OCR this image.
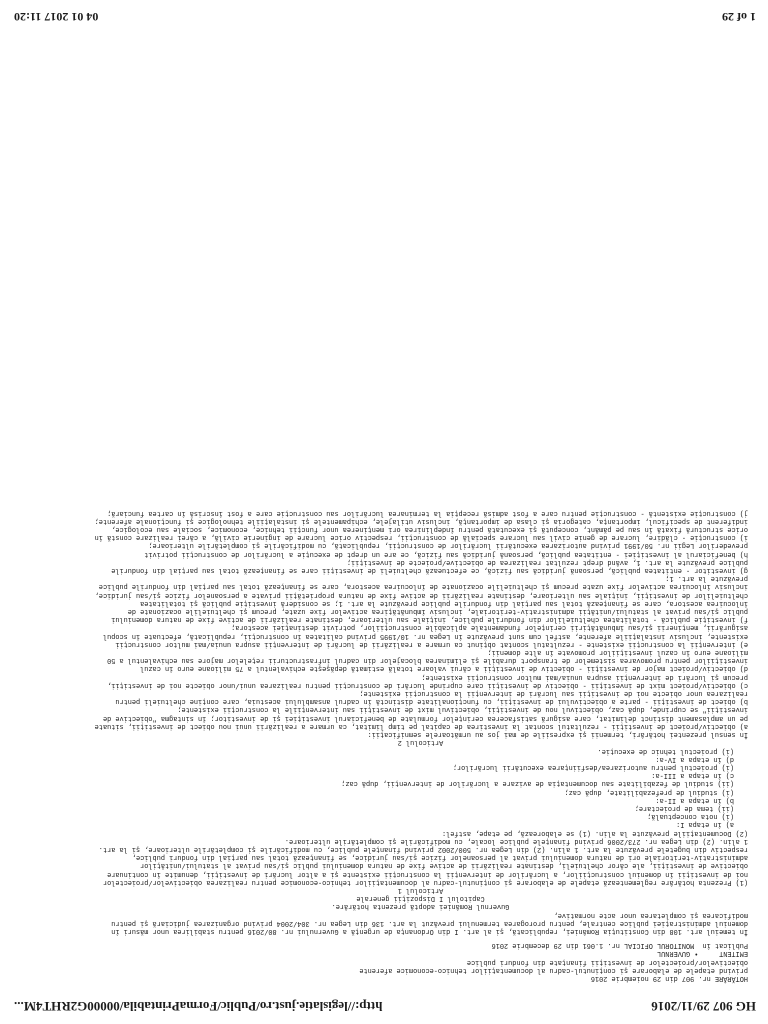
HG 907 29/11/2016
http://legislatie.just.ro/Public/FormaPrintabila/00000G2RHT4M...

HOTĂRÂRE nr. 907 din 29 noiembrie 2016

privind etapele de elaborare şi conţinutul-cadru al documentaţiilor tehnico-economice aferente

obiectivelor/proiectelor de investiţii finanţate din fonduri publice

EMITENT     • GUVERNUL

Publicat în  MONITORUL OFICIAL nr. 1.061 din 29 decembrie 2016

În temeiul art. 108 din Constituţia României, republicată, şi al art. I din Ordonanţa de urgenţă a Guvernului nr. 80/2016 pentru stabilirea unor măsuri în domeniul administraţiei publice centrale, pentru prorogarea termenului prevăzut la art. 136 din Legea nr. 304/2004 privind organizarea judiciară şi pentru modificarea şi completarea unor acte normative,

Guvernul României adoptă prezenta hotărâre.

Capitolul I Dispoziţii generale

Articolul 1

(1) Prezenta hotărâre reglementează etapele de elaborare şi conţinutul-cadru al documentaţiilor tehnico-economice pentru realizarea obiectivelor/proiectelor noi de investiţii în domeniul construcţiilor, a lucrărilor de intervenţii la construcţii existente şi a altor lucrări de investiţii, denumite în continuare obiective de investiţii, ale căror cheltuieli, destinate realizării de active fixe de natura domeniului public şi/sau privat al statului/unităţilor administrativ-teritoriale ori de natura domeniului privat al persoanelor fizice şi/sau juridice, se finanţează total sau parţial din fonduri publice, respectiv din bugetele prevăzute la art. 1 alin. (2) din Legea nr. 500/2002 privind finanţele publice, cu modificările şi completările ulterioare, şi la art. 1 alin. (2) din Legea nr. 273/2006 privind finanţele publice locale, cu modificările şi completările ulterioare.

(2) Documentaţiile prevăzute la alin. (1) se elaborează, pe etape, astfel:

a) în etapa I:

(i) nota conceptuală;

(ii) tema de proiectare;

b) în etapa a II-a:

(i) studiul de prefezabilitate, după caz;

(ii) studiul de fezabilitate sau documentaţia de avizare a lucrărilor de intervenţii, după caz;

c) în etapa a III-a:

(i) proiectul pentru autorizarea/desfiinţarea executării lucrărilor;

d) în etapa a IV-a:

(i) proiectul tehnic de execuţie.

Articolul 2

În sensul prezentei hotărâri, termenii şi expresiile de mai jos au următoarele semnificaţii:

a) obiectiv/proiect de investiţii - rezultatul scontat la investirea de capital pe timp limitat, ca urmare a realizării unui nou obiect de investiţii, situate pe un amplasament distinct delimitat, care asigură satisfacerea cerinţelor formulate de beneficiarul investiţiei şi de investitor; în sintagma "obiective de investiţii" se cuprinde, după caz, obiectivul nou de investiţii, obiectivul mixt de investiţii sau intervenţiile la construcţii existente;

b) obiect de investiţii - parte a obiectivului de investiţii, cu funcţionalitate distinctă în cadrul ansamblului acestuia, care conţine cheltuieli pentru realizarea unor obiecte noi de investiţii sau lucrări de intervenţii la construcţii existente;

c) obiectiv/proiect mixt de investiţii - obiectiv de investiţii care cuprinde lucrări de construcţii pentru realizarea unui/unor obiecte noi de investiţii, precum şi lucrări de intervenţii asupra unuia/mai multor construcţii existente;

d) obiectiv/proiect major de investiţii - obiectiv de investiţii a cărui valoare totală estimată depăşeşte echivalentul a 75 milioane euro în cazul investiţiilor pentru promovarea sistemelor de transport durabile şi eliminarea blocajelor din cadrul infrastructurii reţelelor majore sau echivalentul a 50 milioane euro în cazul investiţiilor promovate în alte domenii;

e) intervenţii la construcţii existente - rezultatul scontat obţinut ca urmare a realizării de lucrări de intervenţii asupra unuia/mai multor construcţii existente, inclusiv instalaţiile aferente, astfel cum sunt prevăzute în Legea nr. 10/1995 privind calitatea în construcţii, republicată, efectuate în scopul asigurării, menţinerii şi/sau îmbunătăţirii cerinţelor fundamentale aplicabile construcţiilor, potrivit destinaţiei acestora;

f) investiţie publică - totalitatea cheltuielilor din fondurile publice, iniţiale sau ulterioare, destinate realizării de active fixe de natura domeniului public şi/sau privat al statului/unităţii administrativ-teritoriale, inclusiv îmbunătăţirea activelor fixe uzate, precum şi cheltuielile ocazionate de înlocuirea acestora, care se finanţează total sau parţial din fondurile publice prevăzute la art. 1; se consideră investiţie publică şi totalitatea cheltuielilor de investiţii, iniţiale sau ulterioare, destinate realizării de active fixe de natura proprietăţii private a persoanelor fizice şi/sau juridice, inclusiv înlocuirea activelor fixe uzate precum şi cheltuielile ocazionate de înlocuirea acestora, care se finanţează total sau parţial din fondurile publice prevăzute la art. 1;

g) investitor - entitatea publică, persoană juridică sau fizică, ce efectuează cheltuieli de investiţii care se finanţează total sau parţial din fondurile publice prevăzute la art. 1, având drept rezultat realizarea de obiective/proiecte de investiţii;

h) beneficiarul al investiţiei - entitatea publică, persoană juridică sau fizică, ce are un drept de execuţie a lucrărilor de construcţii potrivit prevederilor Legii nr. 50/1991 privind autorizarea executării lucrărilor de construcţii, republicată, cu modificările şi completările ulterioare;

i) construcţie - clădire, lucrare de genie civil sau lucrare specială de construcţii, respectiv orice lucrare de inginerie civilă, a cărei realizare constă în orice structură fixată în sau pe pământ, concepută şi executată pentru îndeplinirea ori menţinerea unor funcţii tehnice, economice, sociale sau ecologice, indiferent de specificul, importanţa, categoria şi clasa de importanţă, inclusiv utilajele, echipamentele şi instalaţiile tehnologice şi funcţionale aferente;

j) construcţie existentă - construcţie pentru care a fost admisă recepţia la terminarea lucrărilor sau construcţie care a fost înscrisă în cartea funciară;

1 of 29
04 01 2017 11:20
